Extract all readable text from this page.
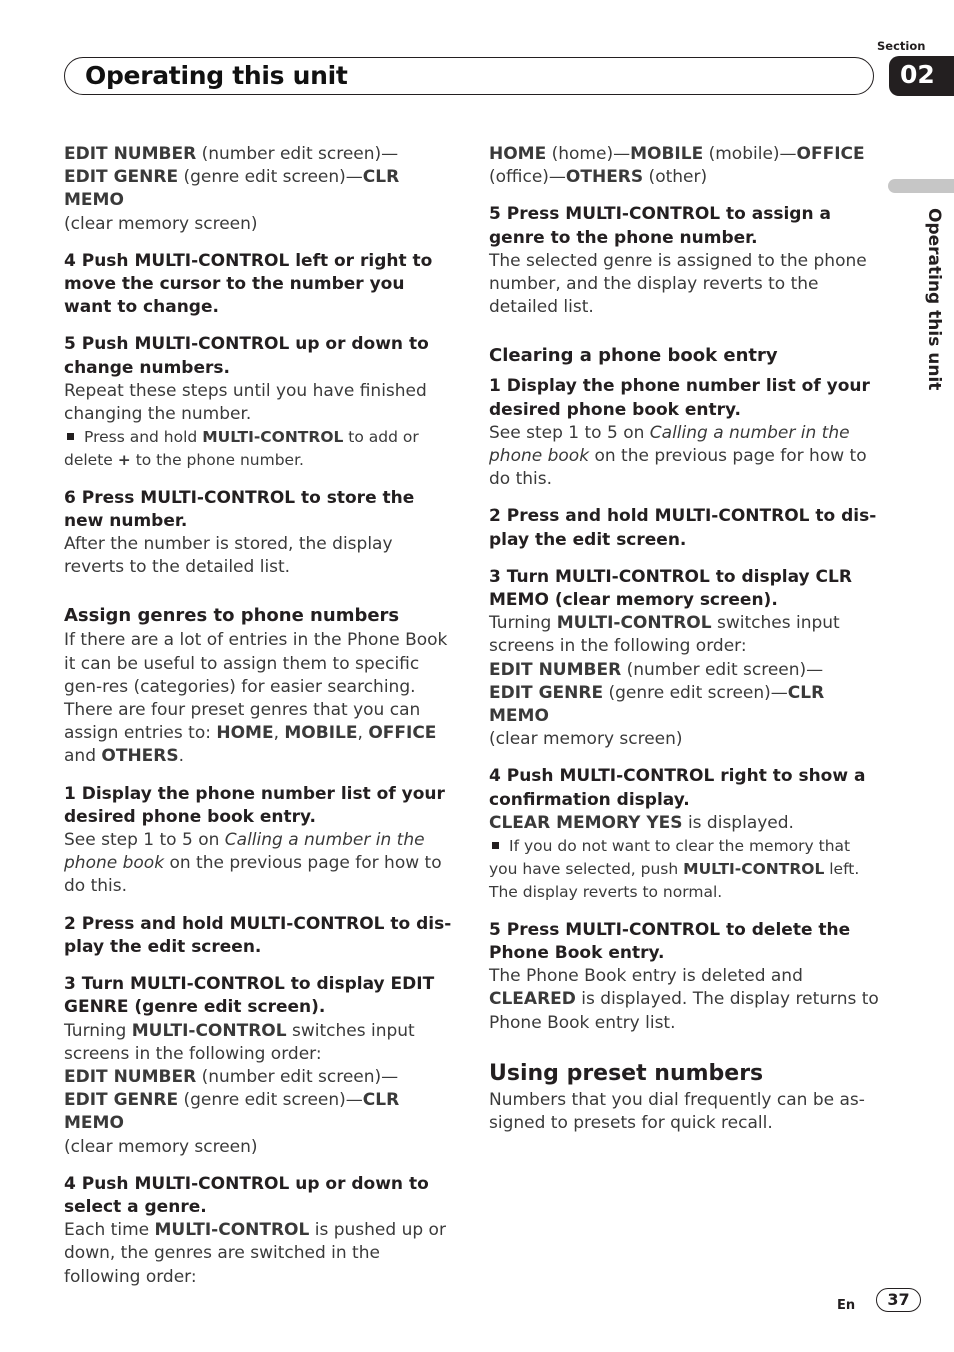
Operating this unit
Section
02
Operating this unit

EDIT NUMBER (number edit screen)—
EDIT GENRE (genre edit screen)—CLR MEMO
(clear memory screen)

4 Push MULTI-CONTROL left or right to move the cursor to the number you want to change.

5 Push MULTI-CONTROL up or down to change numbers.

Repeat these steps until you have finished changing the number.

Press and hold MULTI-CONTROL to add or delete + to the phone number.

6 Press MULTI-CONTROL to store the new number.

After the number is stored, the display reverts to the detailed list.

Assign genres to phone numbers

If there are a lot of entries in the Phone Book it can be useful to assign them to specific gen-res (categories) for easier searching. There are four preset genres that you can assign entries to: HOME, MOBILE, OFFICE and OTHERS.

1 Display the phone number list of your desired phone book entry.

See step 1 to 5 on Calling a number in the phone book on the previous page for how to do this.

2 Press and hold MULTI-CONTROL to dis-play the edit screen.

3 Turn MULTI-CONTROL to display EDIT GENRE (genre edit screen).

Turning MULTI-CONTROL switches input screens in the following order:

EDIT NUMBER (number edit screen)—
EDIT GENRE (genre edit screen)—CLR MEMO
(clear memory screen)

4 Push MULTI-CONTROL up or down to select a genre.

Each time MULTI-CONTROL is pushed up or down, the genres are switched in the following order:

HOME (home)—MOBILE (mobile)—OFFICE
(office)—OTHERS (other)

5 Press MULTI-CONTROL to assign a genre to the phone number.

The selected genre is assigned to the phone number, and the display reverts to the detailed list.

Clearing a phone book entry

1 Display the phone number list of your desired phone book entry.

See step 1 to 5 on Calling a number in the phone book on the previous page for how to do this.

2 Press and hold MULTI-CONTROL to dis-play the edit screen.

3 Turn MULTI-CONTROL to display CLR MEMO (clear memory screen).

Turning MULTI-CONTROL switches input screens in the following order:

EDIT NUMBER (number edit screen)—
EDIT GENRE (genre edit screen)—CLR MEMO
(clear memory screen)

4 Push MULTI-CONTROL right to show a confirmation display.

CLEAR MEMORY YES is displayed.

If you do not want to clear the memory that you have selected, push MULTI-CONTROL left. The display reverts to normal.

5 Press MULTI-CONTROL to delete the Phone Book entry.

The Phone Book entry is deleted and CLEARED is displayed. The display returns to Phone Book entry list.

Using preset numbers

Numbers that you dial frequently can be as-signed to presets for quick recall.

En	37
